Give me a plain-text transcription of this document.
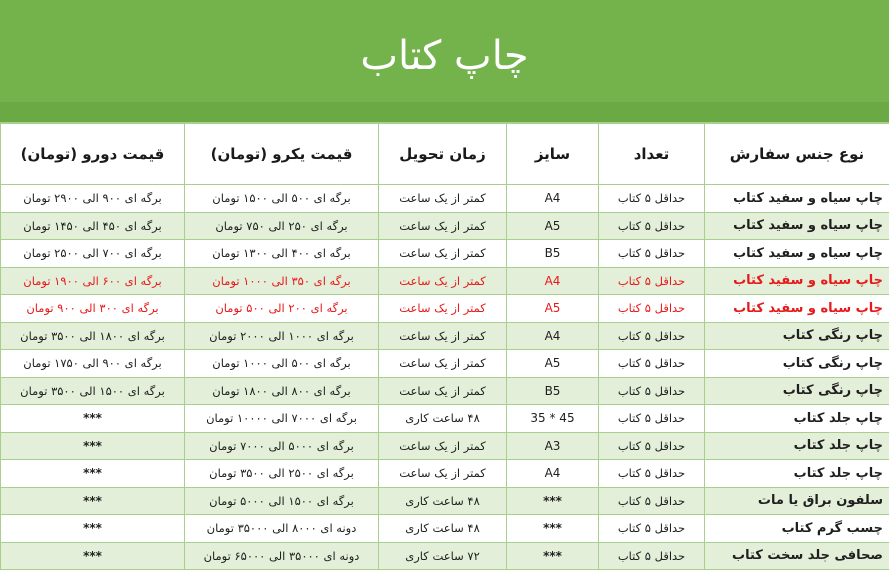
چاپ کتاب
نوع جنس سفارش	تعداد	سایز	زمان تحویل	قیمت یکرو (تومان)	قیمت دورو (تومان)
چاپ سیاه و سفید کتاب	حداقل ۵ کتاب	A4	کمتر از یک ساعت	برگه ای ۵۰۰ الی ۱۵۰۰ تومان	برگه ای ۹۰۰ الی ۲۹۰۰ تومان
چاپ سیاه و سفید کتاب	حداقل ۵ کتاب	A5	کمتر از یک ساعت	برگه ای ۲۵۰ الی ۷۵۰ تومان	برگه ای ۴۵۰ الی ۱۴۵۰ تومان
چاپ سیاه و سفید کتاب	حداقل ۵ کتاب	B5	کمتر از یک ساعت	برگه ای ۴۰۰ الی ۱۳۰۰ تومان	برگه ای ۷۰۰ الی ۲۵۰۰ تومان
چاپ سیاه و سفید کتاب	حداقل ۵ کتاب	A4	کمتر از یک ساعت	برگه ای ۳۵۰ الی ۱۰۰۰ تومان	برگه ای ۶۰۰ الی ۱۹۰۰ تومان
چاپ سیاه و سفید کتاب	حداقل ۵ کتاب	A5	کمتر از یک ساعت	برگه ای ۲۰۰ الی ۵۰۰ تومان	برگه ای ۳۰۰ الی ۹۰۰ تومان
چاپ رنگی کتاب	حداقل ۵ کتاب	A4	کمتر از یک ساعت	برگه ای ۱۰۰۰ الی ۲۰۰۰ تومان	برگه ای ۱۸۰۰ الی ۳۵۰۰ تومان
چاپ رنگی کتاب	حداقل ۵ کتاب	A5	کمتر از یک ساعت	برگه ای ۵۰۰ الی ۱۰۰۰ تومان	برگه ای ۹۰۰ الی ۱۷۵۰ تومان
چاپ رنگی کتاب	حداقل ۵ کتاب	B5	کمتر از یک ساعت	برگه ای ۸۰۰ الی ۱۸۰۰ تومان	برگه ای ۱۵۰۰ الی ۳۵۰۰ تومان
چاپ جلد کتاب	حداقل ۵ کتاب	35 * 45	۴۸ ساعت کاری	برگه ای ۷۰۰۰ الی ۱۰۰۰۰ تومان	***
چاپ جلد کتاب	حداقل ۵ کتاب	A3	کمتر از یک ساعت	برگه ای ۵۰۰۰ الی ۷۰۰۰ تومان	***
چاپ جلد کتاب	حداقل ۵ کتاب	A4	کمتر از یک ساعت	برگه ای ۲۵۰۰ الی ۳۵۰۰ تومان	***
سلفون براق یا مات	حداقل ۵ کتاب	***	۴۸ ساعت کاری	برگه ای ۱۵۰۰ الی ۵۰۰۰ تومان	***
چسب گرم کتاب	حداقل ۵ کتاب	***	۴۸ ساعت کاری	دونه ای ۸۰۰۰ الی ۳۵۰۰۰ تومان	***
صحافی جلد سخت کتاب	حداقل ۵ کتاب	***	۷۲ ساعت کاری	دونه ای ۳۵۰۰۰ الی ۶۵۰۰۰ تومان	***
